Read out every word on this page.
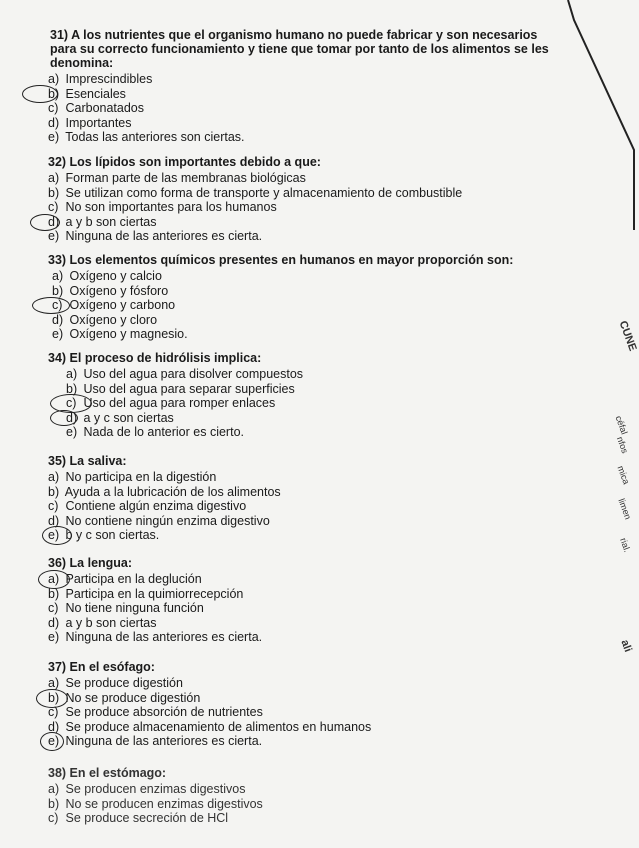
31) A los nutrientes que el organismo humano no puede fabricar y son necesarios
para su correcto funcionamiento y tiene que tomar por tanto de los alimentos se les
denomina:
a) Imprescindibles
b) Esenciales
c) Carbonatados
d) Importantes
e) Todas las anteriores son ciertas.
32) Los lípidos son importantes debido a que:
a) Forman parte de las membranas biológicas
b) Se utilizan como forma de transporte y almacenamiento de combustible
c) No son importantes para los humanos
d) a y b son ciertas
e) Ninguna de las anteriores es cierta.
33) Los elementos químicos presentes en humanos en mayor proporción son:
a) Oxígeno y calcio
b) Oxígeno y fósforo
c) Oxígeno y carbono
d) Oxígeno y cloro
e) Oxígeno y magnesio.
34) El proceso de hidrólisis implica:
a) Uso del agua para disolver compuestos
b) Uso del agua para separar superficies
c) Uso del agua para romper enlaces
d) a y c son ciertas
e) Nada de lo anterior es cierto.
35) La saliva:
a) No participa en la digestión
b) Ayuda a la lubricación de los alimentos
c) Contiene algún enzima digestivo
d) No contiene ningún enzima digestivo
e) b y c son ciertas.
36) La lengua:
a) Participa en la deglución
b) Participa en la quimiorrecepción
c) No tiene ninguna función
d) a y b son ciertas
e) Ninguna de las anteriores es cierta.
37) En el esófago:
a) Se produce digestión
b) No se produce digestión
c) Se produce absorción de nutrientes
d) Se produce almacenamiento de alimentos en humanos
e) Ninguna de las anteriores es cierta.
38) En el estómago:
a) Se producen enzimas digestivos
b) No se producen enzimas digestivos
c) Se produce secreción de HCl
CUNE
céfal
nfos
mica
limen
rial.
ali
